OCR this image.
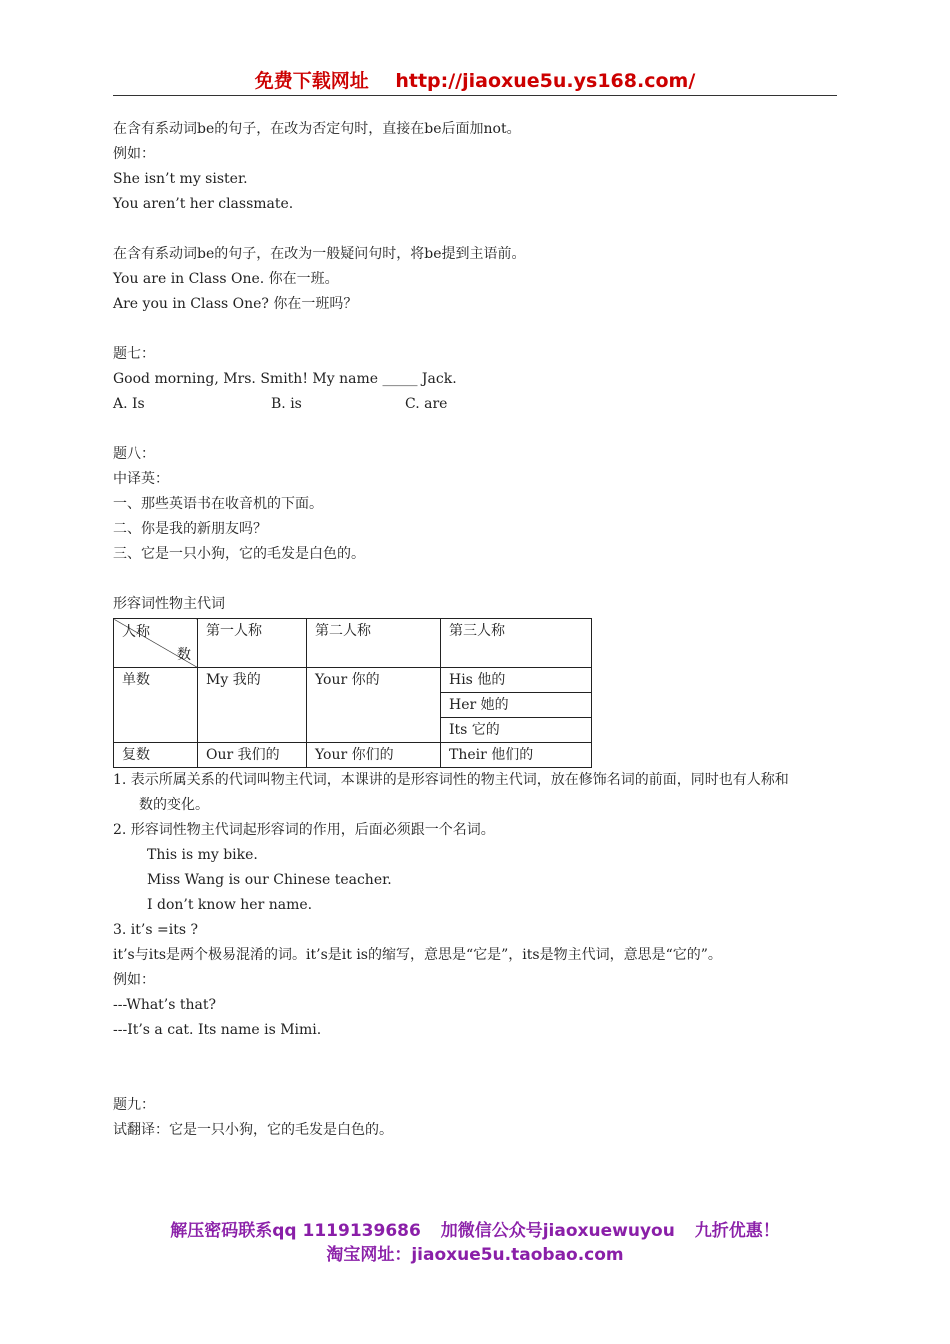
免费下载网址 http://jiaoxue5u.ys168.com/
在含有系动词be的句子，在改为否定句时，直接在be后面加not。
例如：
She isn’t my sister.
You aren’t her classmate.
在含有系动词be的句子，在改为一般疑问句时，将be提到主语前。
You are in Class One. 你在一班。
Are you in Class One? 你在一班吗？
题七：
Good morning, Mrs. Smith! My name _____ Jack.
A. Is	B. is	C. are
题八：
中译英：
一、那些英语书在收音机的下面。
二、你是我的新朋友吗？
三、它是一只小狗，它的毛发是白色的。
形容词性物主代词
人称
数	第一人称	第二人称	第三人称
单数	My 我的	Your 你的	His 他的
			Her 她的
			Its 它的
复数	Our 我们的	Your 你们的	Their 他们的
1. 表示所属关系的代词叫物主代词，本课讲的是形容词性的物主代词，放在修饰名词的前面，同时也有人称和数的变化。
2. 形容词性物主代词起形容词的作用，后面必须跟一个名词。
This is my bike.
Miss Wang is our Chinese teacher.
I don’t know her name.
3. it’s =its ?
it’s与its是两个极易混淆的词。it’s是it is的缩写，意思是“它是”，its是物主代词，意思是“它的”。
例如：
---What’s that?
---It’s a cat. Its name is Mimi.
题九：
试翻译：它是一只小狗，它的毛发是白色的。
解压密码联系qq 1119139686 加微信公众号jiaoxuewuyou 九折优惠！
淘宝网址：jiaoxue5u.taobao.com
